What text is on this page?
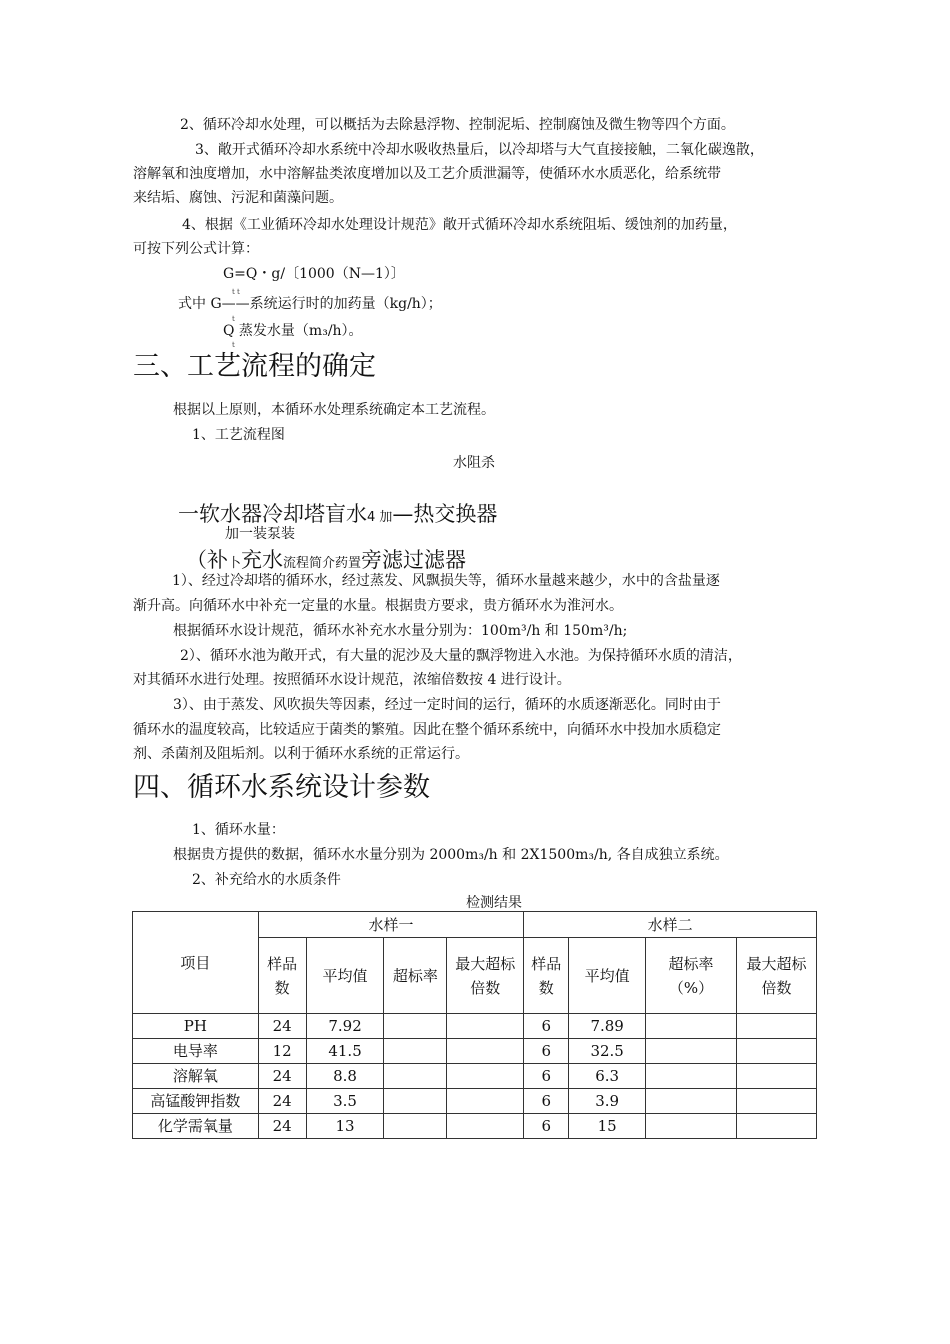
2、循环冷却水处理，可以概括为去除悬浮物、控制泥垢、控制腐蚀及微生物等四个方面。
3、敞开式循环冷却水系统中冷却水吸收热量后，以冷却塔与大气直接接触，二氧化碳逸散，
溶解氧和浊度增加，水中溶解盐类浓度增加以及工艺介质泄漏等，使循环水水质恶化，给系统带
来结垢、腐蚀、污泥和菌藻问题。
4、根据《工业循环冷却水处理设计规范》敞开式循环冷却水系统阻垢、缓蚀剂的加药量，
可按下列公式计算：
G=Q・g/〔1000（N—1）〕
t t
式中 G——系统运行时的加药量（kg/h）；
t
Q 蒸发水量（m₃/h）。
t
三、工艺流程的确定
根据以上原则，本循环水处理系统确定本工艺流程。
1、工艺流程图
水阻杀
一软水器冷却塔盲水4 加—热交换器
加一装泵装
（补卜充水流程简介药置旁滤过滤器
1）、经过冷却塔的循环水，经过蒸发、风飘损失等，循环水量越来越少，水中的含盐量逐
渐升高。向循环水中补充一定量的水量。根据贵方要求，贵方循环水为淮河水。
根据循环水设计规范，循环水补充水水量分别为：100m³/h 和 150m³/h;
2）、循环水池为敞开式，有大量的泥沙及大量的飘浮物进入水池。为保持循环水质的清洁，
对其循环水进行处理。按照循环水设计规范，浓缩倍数按 4 进行设计。
3）、由于蒸发、风吹损失等因素，经过一定时间的运行，循环的水质逐渐恶化。同时由于
循环水的温度较高，比较适应于菌类的繁殖。因此在整个循环系统中，向循环水中投加水质稳定
剂、杀菌剂及阻垢剂。以利于循环水系统的正常运行。
四、循环水系统设计参数
1、循环水量：
根据贵方提供的数据，循环水水量分别为 2000m₃/h 和 2X1500m₃/h, 各自成独立系统。
2、补充给水的水质条件
检测结果
项目	水样一				水样二			

	样品数	平均值	超标率	最大超标倍数	样品数	平均值	超标率（%）	最大超标倍数

PH	24	7.92			6	7.89		
电导率	12	41.5			6	32.5		
溶解氧	24	8.8			6	6.3		
高锰酸钾指数	24	3.5			6	3.9		
化学需氧量	24	13			6	15		
